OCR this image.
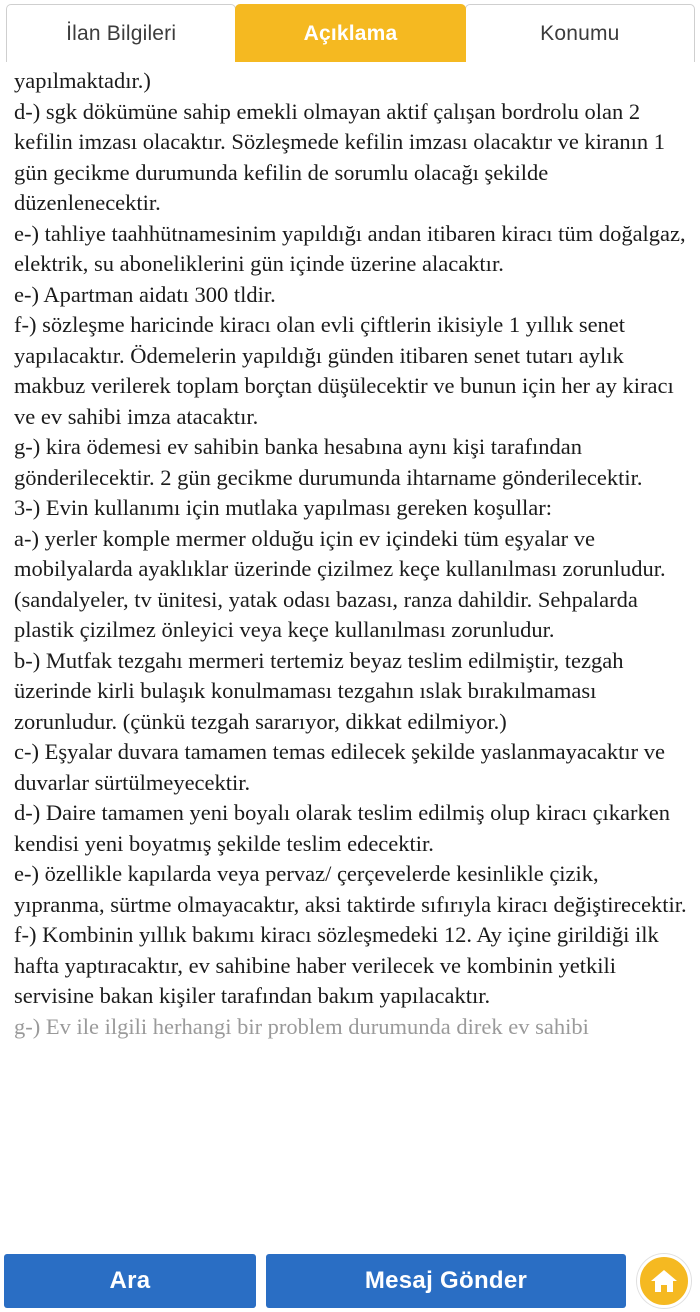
İlan Bilgileri	Açıklama	Konumu

yapılmaktadır.)

d-) sgk dökümüne sahip emekli olmayan aktif çalışan bordrolu olan 2 kefilin imzası olacaktır. Sözleşmede kefilin imzası olacaktır ve kiranın 1 gün gecikme durumunda kefilin de sorumlu olacağı şekilde düzenlenecektir.

e-) tahliye taahhütnamesinim yapıldığı andan itibaren kiracı tüm doğalgaz, elektrik, su aboneliklerini gün içinde üzerine alacaktır.

e-) Apartman aidatı 300 tldir.

f-) sözleşme haricinde kiracı olan evli çiftlerin ikisiyle 1 yıllık senet yapılacaktır. Ödemelerin yapıldığı günden itibaren senet tutarı aylık makbuz verilerek toplam borçtan düşülecektir ve bunun için her ay kiracı ve ev sahibi imza atacaktır.

g-) kira ödemesi ev sahibin banka hesabına aynı kişi tarafından gönderilecektir. 2 gün gecikme durumunda ihtarname gönderilecektir.

3-) Evin kullanımı için mutlaka yapılması gereken koşullar:

a-) yerler komple mermer olduğu için ev içindeki tüm eşyalar ve mobilyalarda ayaklıklar üzerinde çizilmez keçe kullanılması zorunludur. (sandalyeler, tv ünitesi, yatak odası bazası, ranza dahildir. Sehpalarda plastik çizilmez önleyici veya keçe kullanılması zorunludur.

b-) Mutfak tezgahı mermeri tertemiz beyaz teslim edilmiştir, tezgah üzerinde kirli bulaşık konulmaması tezgahın ıslak bırakılmaması zorunludur. (çünkü tezgah sararıyor, dikkat edilmiyor.)

c-) Eşyalar duvara tamamen temas edilecek şekilde yaslanmayacaktır ve duvarlar sürtülmeyecektir.

d-) Daire tamamen yeni boyalı olarak teslim edilmiş olup kiracı çıkarken kendisi yeni boyatmış şekilde teslim edecektir.

e-) özellikle kapılarda veya pervaz/ çerçevelerde kesinlikle çizik, yıpranma, sürtme olmayacaktır, aksi taktirde sıfırıyla kiracı değiştirecektir.

f-) Kombinin yıllık bakımı kiracı sözleşmedeki 12. Ay içine girildiği ilk hafta yaptıracaktır, ev sahibine haber verilecek ve kombinin yetkili servisine bakan kişiler tarafından bakım yapılacaktır.

g-) Ev ile ilgili herhangi bir problem durumunda direk ev sahibi

Ara	Mesaj Gönder
